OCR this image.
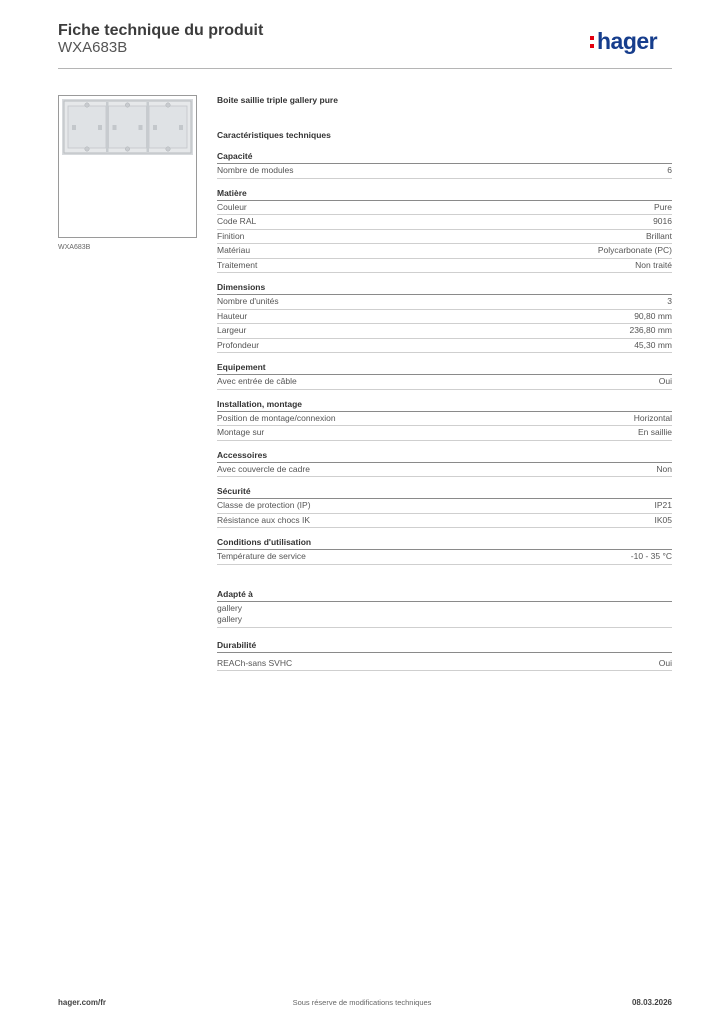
Fiche technique du produit
WXA683B	hager
WXA683B
Boite saillie triple gallery pure
Caractéristiques techniques
Capacité
Nombre de modules	6
Matière
Couleur	Pure
Code RAL	9016
Finition	Brillant
Matériau	Polycarbonate (PC)
Traitement	Non traité
Dimensions
Nombre d'unités	3
Hauteur	90,80 mm
Largeur	236,80 mm
Profondeur	45,30 mm
Equipement
Avec entrée de câble	Oui
Installation, montage
Position de montage/connexion	Horizontal
Montage sur	En saillie
Accessoires
Avec couvercle de cadre	Non
Sécurité
Classe de protection (IP)	IP21
Résistance aux chocs IK	IK05
Conditions d'utilisation
Température de service	-10 - 35 °C
Adapté à
gallery
gallery
Durabilité
REACh-sans SVHC	Oui
hager.com/fr	Sous réserve de modifications techniques	08.03.2026
